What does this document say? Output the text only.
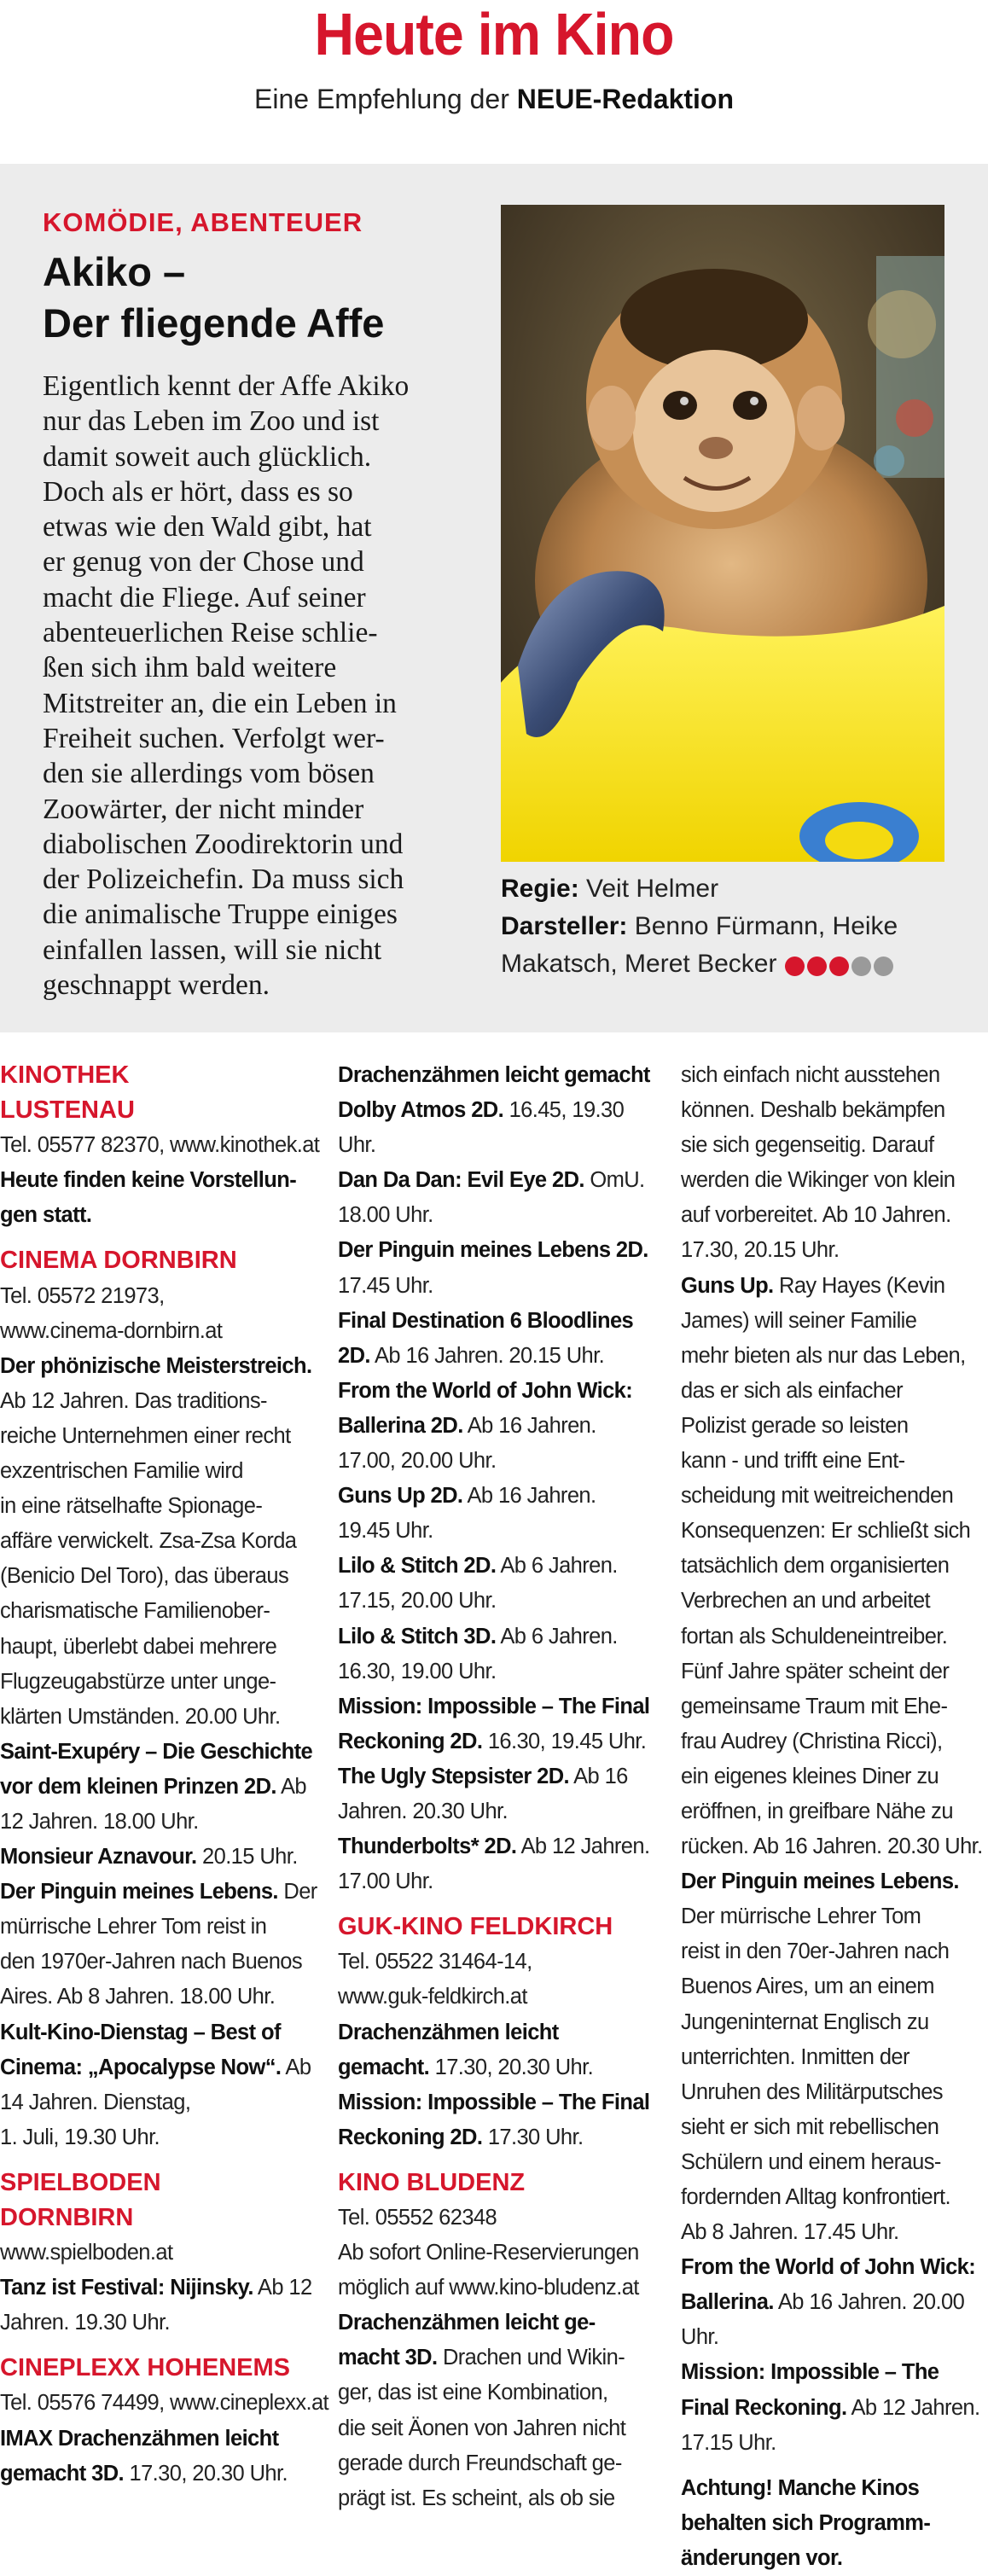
Heute im Kino
Eine Empfehlung der NEUE-Redaktion
KOMÖDIE, ABENTEUER
Akiko –
Der fliegende Affe
Eigentlich kennt der Affe Akiko
nur das Leben im Zoo und ist
damit soweit auch glücklich.
Doch als er hört, dass es so
etwas wie den Wald gibt, hat
er genug von der Chose und
macht die Fliege. Auf seiner
abenteuerlichen Reise schlie-
ßen sich ihm bald weitere
Mitstreiter an, die ein Leben in
Freiheit suchen. Verfolgt wer-
den sie allerdings vom bösen
Zoowärter, der nicht minder
diabolischen Zoodirektorin und
der Polizeichefin. Da muss sich
die animalische Truppe einiges
einfallen lassen, will sie nicht
geschnappt werden.
Regie: Veit Helmer
Darsteller: Benno Fürmann, Heike
Makatsch, Meret Becker
KINOTHEK
LUSTENAU
Tel. 05577 82370, www.kinothek.at
Heute finden keine Vorstellun-
gen statt.
CINEMA DORNBIRN
Tel. 05572 21973,
www.cinema-dornbirn.at
Der phönizische Meisterstreich.
Ab 12 Jahren. Das traditions-
reiche Unternehmen einer recht
exzentrischen Familie wird
in eine rätselhafte Spionage-
affäre verwickelt. Zsa-Zsa Korda
(Benicio Del Toro), das überaus
charismatische Familienober-
haupt, überlebt dabei mehrere
Flugzeugabstürze unter unge-
klärten Umständen. 20.00 Uhr.
Saint-Exupéry – Die Geschichte
vor dem kleinen Prinzen 2D. Ab
12 Jahren. 18.00 Uhr.
Monsieur Aznavour. 20.15 Uhr.
Der Pinguin meines Lebens. Der
mürrische Lehrer Tom reist in
den 1970er-Jahren nach Buenos
Aires. Ab 8 Jahren. 18.00 Uhr.
Kult-Kino-Dienstag – Best of
Cinema: „Apocalypse Now“. Ab
14 Jahren. Dienstag,
1. Juli, 19.30 Uhr.
SPIELBODEN
DORNBIRN
www.spielboden.at
Tanz ist Festival: Nijinsky. Ab 12
Jahren. 19.30 Uhr.
CINEPLEXX HOHENEMS
Tel. 05576 74499, www.cineplexx.at
IMAX Drachenzähmen leicht
gemacht 3D. 17.30, 20.30 Uhr.
Drachenzähmen leicht gemacht
Dolby Atmos 2D. 16.45, 19.30
Uhr.
Dan Da Dan: Evil Eye 2D. OmU.
18.00 Uhr.
Der Pinguin meines Lebens 2D.
17.45 Uhr.
Final Destination 6 Bloodlines
2D. Ab 16 Jahren. 20.15 Uhr.
From the World of John Wick:
Ballerina 2D. Ab 16 Jahren.
17.00, 20.00 Uhr.
Guns Up 2D. Ab 16 Jahren.
19.45 Uhr.
Lilo & Stitch 2D. Ab 6 Jahren.
17.15, 20.00 Uhr.
Lilo & Stitch 3D. Ab 6 Jahren.
16.30, 19.00 Uhr.
Mission: Impossible – The Final
Reckoning 2D. 16.30, 19.45 Uhr.
The Ugly Stepsister 2D. Ab 16
Jahren. 20.30 Uhr.
Thunderbolts* 2D. Ab 12 Jahren.
17.00 Uhr.
GUK-KINO FELDKIRCH
Tel. 05522 31464-14,
www.guk-feldkirch.at
Drachenzähmen leicht
gemacht. 17.30, 20.30 Uhr.
Mission: Impossible – The Final
Reckoning 2D. 17.30 Uhr.
KINO BLUDENZ
Tel. 05552 62348
Ab sofort Online-Reservierungen
möglich auf www.kino-bludenz.at
Drachenzähmen leicht ge-
macht 3D. Drachen und Wikin-
ger, das ist eine Kombination,
die seit Äonen von Jahren nicht
gerade durch Freundschaft ge-
prägt ist. Es scheint, als ob sie
sich einfach nicht ausstehen
können. Deshalb bekämpfen
sie sich gegenseitig. Darauf
werden die Wikinger von klein
auf vorbereitet. Ab 10 Jahren.
17.30, 20.15 Uhr.
Guns Up. Ray Hayes (Kevin
James) will seiner Familie
mehr bieten als nur das Leben,
das er sich als einfacher
Polizist gerade so leisten
kann - und trifft eine Ent-
scheidung mit weitreichenden
Konsequenzen: Er schließt sich
tatsächlich dem organisierten
Verbrechen an und arbeitet
fortan als Schuldeneintreiber.
Fünf Jahre später scheint der
gemeinsame Traum mit Ehe-
frau Audrey (Christina Ricci),
ein eigenes kleines Diner zu
eröffnen, in greifbare Nähe zu
rücken. Ab 16 Jahren. 20.30 Uhr.
Der Pinguin meines Lebens.
Der mürrische Lehrer Tom
reist in den 70er-Jahren nach
Buenos Aires, um an einem
Jungeninternat Englisch zu
unterrichten. Inmitten der
Unruhen des Militärputsches
sieht er sich mit rebellischen
Schülern und einem heraus-
fordernden Alltag konfrontiert.
Ab 8 Jahren. 17.45 Uhr.
From the World of John Wick:
Ballerina. Ab 16 Jahren. 20.00
Uhr.
Mission: Impossible – The
Final Reckoning. Ab 12 Jahren.
17.15 Uhr.
Achtung! Manche Kinos
behalten sich Programm-
änderungen vor.
